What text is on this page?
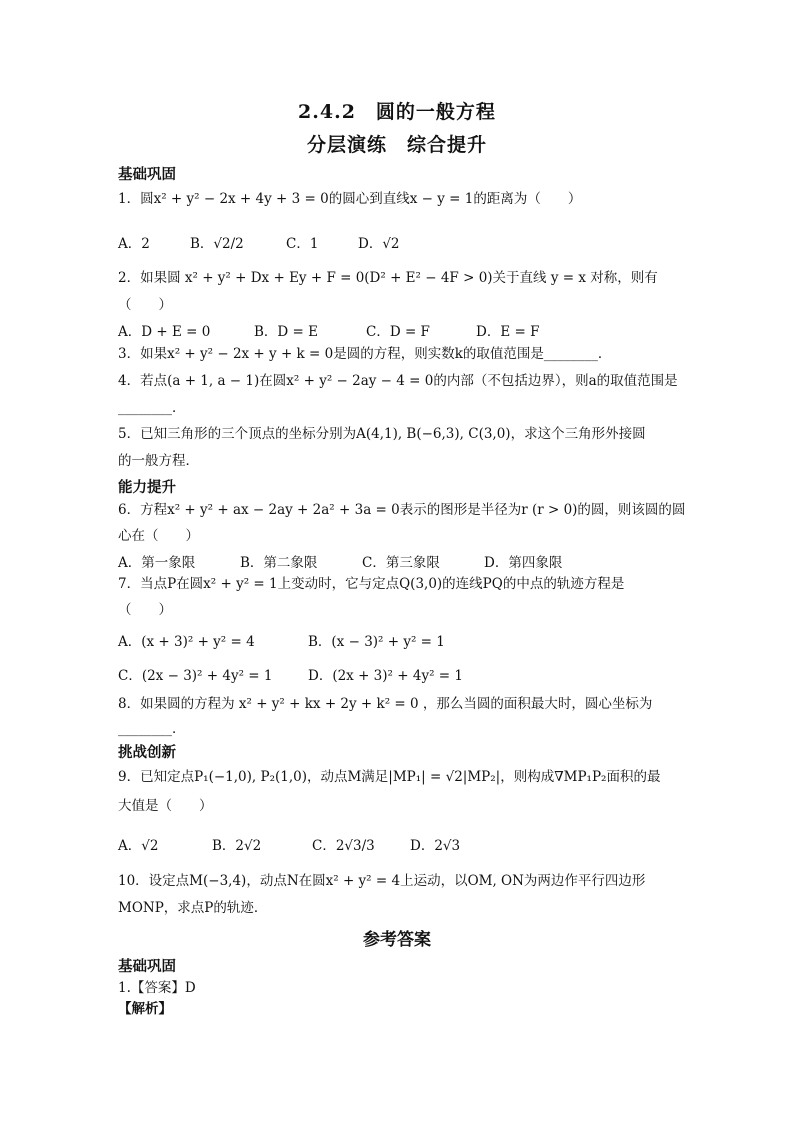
2.4.2　圆的一般方程
分层演练　综合提升
基础巩固
1．圆x² + y² − 2x + 4y + 3 = 0的圆心到直线x − y = 1的距离为（　　）
A．2	B．√2/2	C．1	D．√2
2．如果圆 x² + y² + Dx + Ey + F = 0(D² + E² − 4F > 0)关于直线 y = x 对称，则有
（　　）
A．D + E = 0	B．D = E	C．D = F	D．E = F
3．如果x² + y² − 2x + y + k = 0是圆的方程，则实数k的取值范围是________．
4．若点(a + 1, a − 1)在圆x² + y² − 2ay − 4 = 0的内部（不包括边界），则a的取值范围是
________．
5．已知三角形的三个顶点的坐标分别为A(4,1), B(−6,3), C(3,0)，求这个三角形外接圆
的一般方程．
能力提升
6．方程x² + y² + ax − 2ay + 2a² + 3a = 0表示的图形是半径为r (r > 0)的圆，则该圆的圆
心在（　　）
A．第一象限	B．第二象限	C．第三象限	D．第四象限
7．当点P在圆x² + y² = 1上变动时，它与定点Q(3,0)的连线PQ的中点的轨迹方程是
（　　）
A．(x + 3)² + y² = 4	B．(x − 3)² + y² = 1
C．(2x − 3)² + 4y² = 1	D．(2x + 3)² + 4y² = 1
8．如果圆的方程为 x² + y² + kx + 2y + k² = 0 ，那么当圆的面积最大时，圆心坐标为
________．
挑战创新
9．已知定点P₁(−1,0), P₂(1,0)，动点M满足|MP₁| = √2|MP₂|，则构成∇MP₁P₂面积的最
大值是（　　）
A．√2	B．2√2	C．2√3/3	D．2√3
10．设定点M(−3,4)，动点N在圆x² + y² = 4上运动，以OM, ON为两边作平行四边形
MONP，求点P的轨迹．
参考答案
基础巩固
1.【答案】D
【解析】
